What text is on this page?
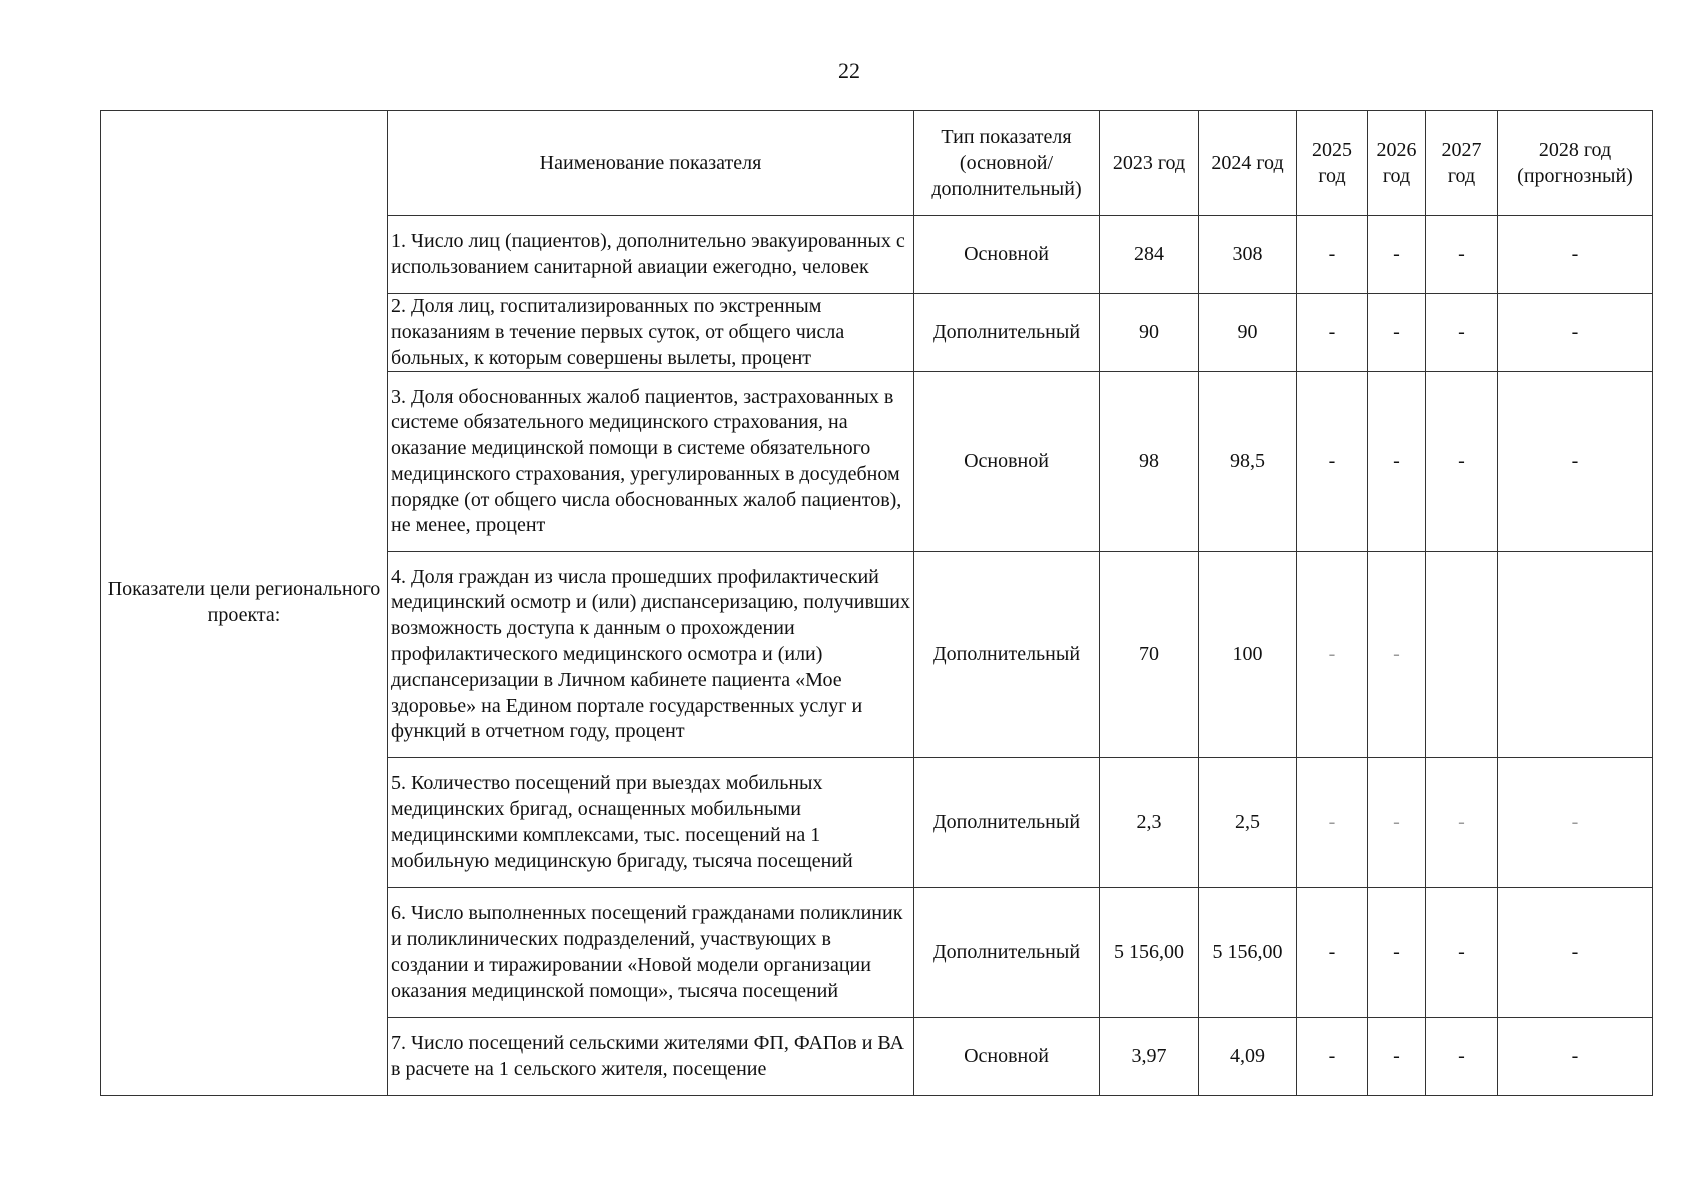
22
Показатели цели регионального проекта:	Наименование показателя	Тип показателя (основной/ дополнительный)	2023 год	2024 год	2025 год	2026 год	2027 год	2028 год (прогнозный)
	1. Число лиц (пациентов), дополнительно эвакуированных с использованием санитарной авиации ежегодно, человек	Основной	284	308	-	-	-	-
	2. Доля лиц, госпитализированных по экстренным показаниям в течение первых суток, от общего числа больных, к которым совершены вылеты, процент	Дополнительный	90	90	-	-	-	-
	3. Доля обоснованных жалоб пациентов, застрахованных в системе обязательного медицинского страхования, на оказание медицинской помощи в системе обязательного медицинского страхования, урегулированных в досудебном порядке (от общего числа обоснованных жалоб пациентов), не менее, процент	Основной	98	98,5	-	-	-	-
	4. Доля граждан из числа прошедших профилактический медицинский осмотр и (или) диспансеризацию, получивших возможность доступа к данным о прохождении профилактического медицинского осмотра и (или) диспансеризации в Личном кабинете пациента «Мое здоровье» на Едином портале государственных услуг и функций в отчетном году, процент	Дополнительный	70	100	-	-		
	5. Количество посещений при выездах мобильных медицинских бригад, оснащенных мобильными медицинскими комплексами, тыс. посещений на 1 мобильную медицинскую бригаду, тысяча посещений	Дополнительный	2,3	2,5	-	-	-	-
	6. Число выполненных посещений гражданами поликлиник и поликлинических подразделений, участвующих в создании и тиражировании «Новой модели организации оказания медицинской помощи», тысяча посещений	Дополнительный	5 156,00	5 156,00	-	-	-	-
	7. Число посещений сельскими жителями ФП, ФАПов и ВА в расчете на 1 сельского жителя, посещение	Основной	3,97	4,09	-	-	-	-
